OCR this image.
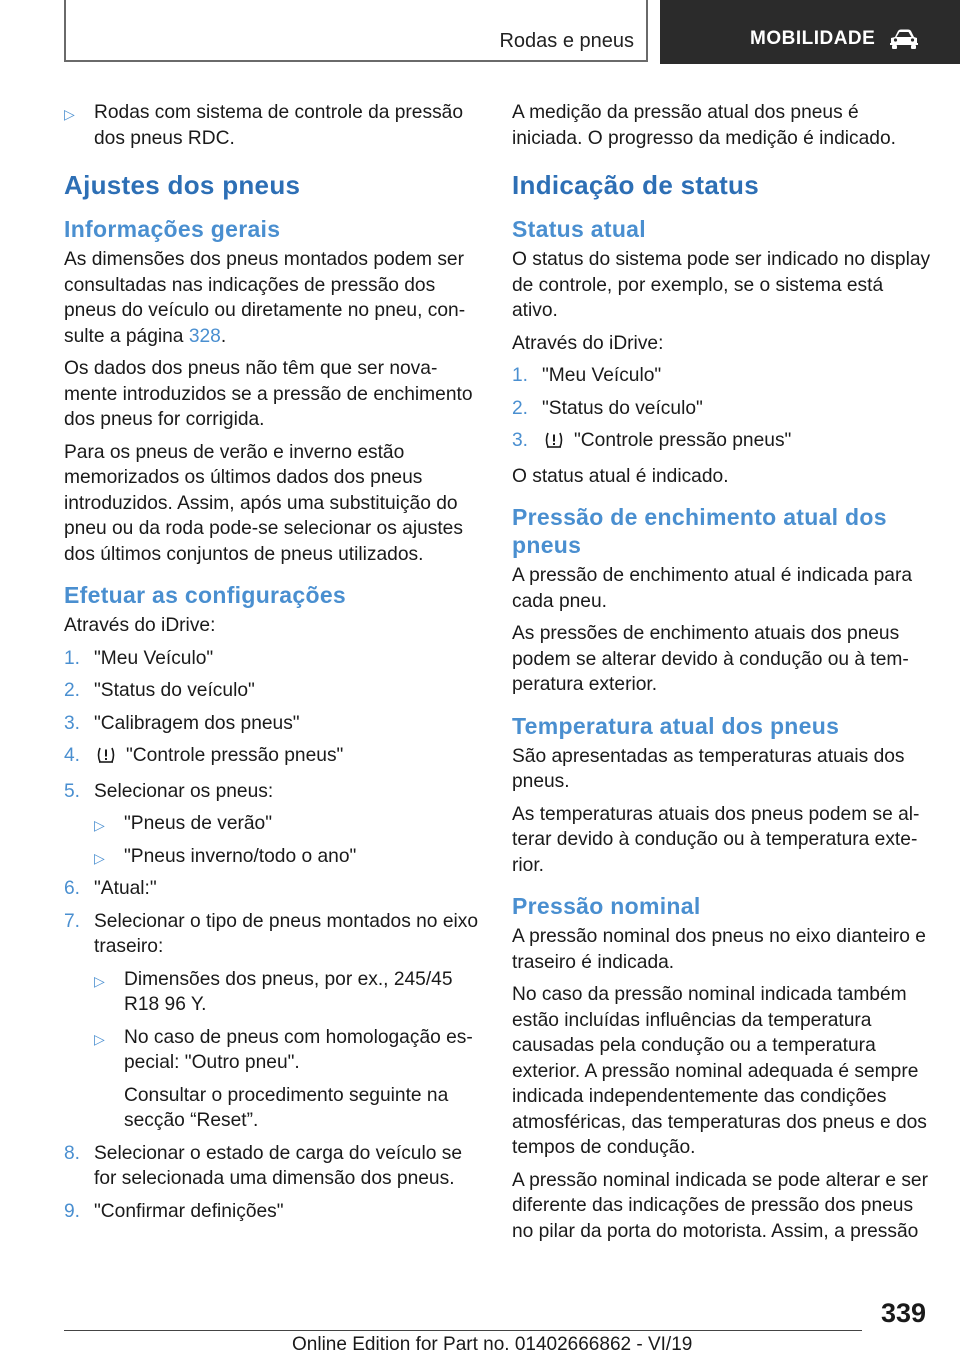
Rodas e pneus	MOBILIDADE
▷ Rodas com sistema de controle da pressão dos pneus RDC.
Ajustes dos pneus
Informações gerais

As dimensões dos pneus montados podem ser consultadas nas indicações de pressão dos pneus do veículo ou diretamente no pneu, consulte a página 328.

Os dados dos pneus não têm que ser novamente introduzidos se a pressão de enchimento dos pneus for corrigida.

Para os pneus de verão e inverno estão memorizados os últimos dados dos pneus introduzidos. Assim, após uma substituição do pneu ou da roda pode-se selecionar os ajustes dos últimos conjuntos de pneus utilizados.

Efetuar as configurações

Através do iDrive:

1. "Meu Veículo"
2. "Status do veículo"
3. "Calibragem dos pneus"
4. "Controle pressão pneus"
5. Selecionar os pneus:
▷ "Pneus de verão"
▷ "Pneus inverno/todo o ano"
6. "Atual:"
7. Selecionar o tipo de pneus montados no eixo traseiro:
▷ Dimensões dos pneus, por ex., 245/45 R18 96 Y.
▷ No caso de pneus com homologação especial: "Outro pneu".
Consultar o procedimento seguinte na secção “Reset”.
8. Selecionar o estado de carga do veículo se for selecionada uma dimensão dos pneus.
9. "Confirmar definições"

A medição da pressão atual dos pneus é iniciada. O progresso da medição é indicado.

Indicação de status
Status atual

O status do sistema pode ser indicado no display de controle, por exemplo, se o sistema está ativo.

Através do iDrive:

1. "Meu Veículo"
2. "Status do veículo"
3. "Controle pressão pneus"

O status atual é indicado.

Pressão de enchimento atual dos pneus

A pressão de enchimento atual é indicada para cada pneu.

As pressões de enchimento atuais dos pneus podem se alterar devido à condução ou à temperatura exterior.

Temperatura atual dos pneus

São apresentadas as temperaturas atuais dos pneus.

As temperaturas atuais dos pneus podem se alterar devido à condução ou à temperatura exterior.

Pressão nominal

A pressão nominal dos pneus no eixo dianteiro e traseiro é indicada.

No caso da pressão nominal indicada também estão incluídas influências da temperatura causadas pela condução ou a temperatura exterior. A pressão nominal adequada é sempre indicada independentemente das condições atmosféricas, das temperaturas dos pneus e dos tempos de condução.

A pressão nominal indicada se pode alterar e ser diferente das indicações de pressão dos pneus no pilar da porta do motorista. Assim, a pressão

339
Online Edition for Part no. 01402666862 - VI/19
